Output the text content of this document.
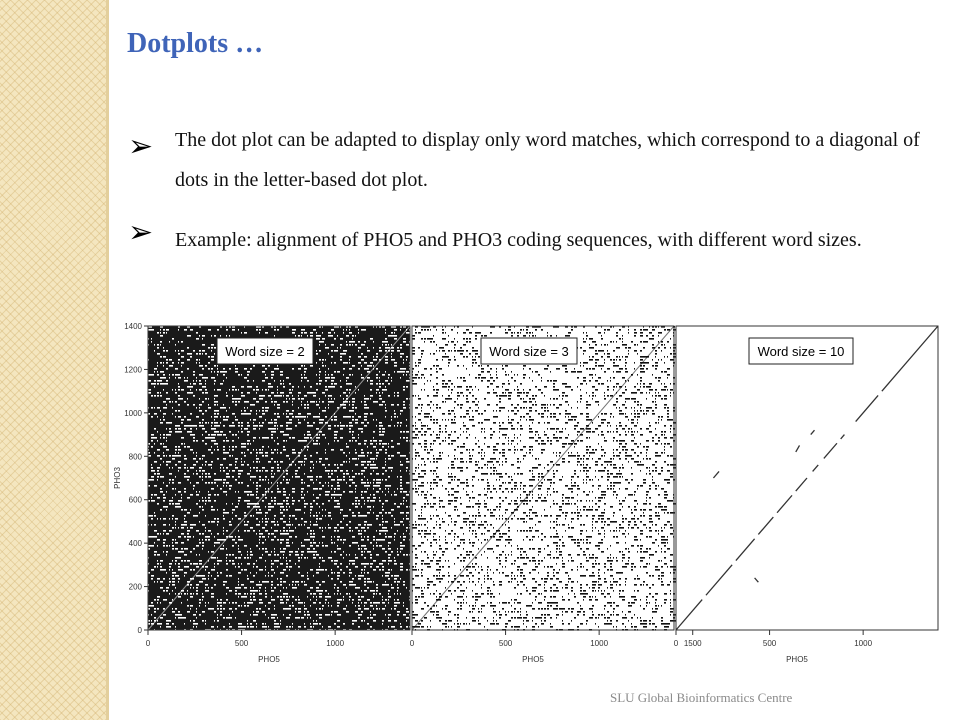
Dotplots …
➢ The dot plot can be adapted to display only word matches, which correspond to a diagonal of dots in the letter-based dot plot.
➢ Example: alignment of PHO5 and PHO3 coding sequences, with different word sizes.
Word size = 2
0	500	1000
PHO5
0
200
400
600
800
1000
1200
1400
PHO3
Word size = 3
0	500	1000	1500
PHO5
Word size = 10
0	500	1000
PHO5
SLU Global Bioinformatics Centre
